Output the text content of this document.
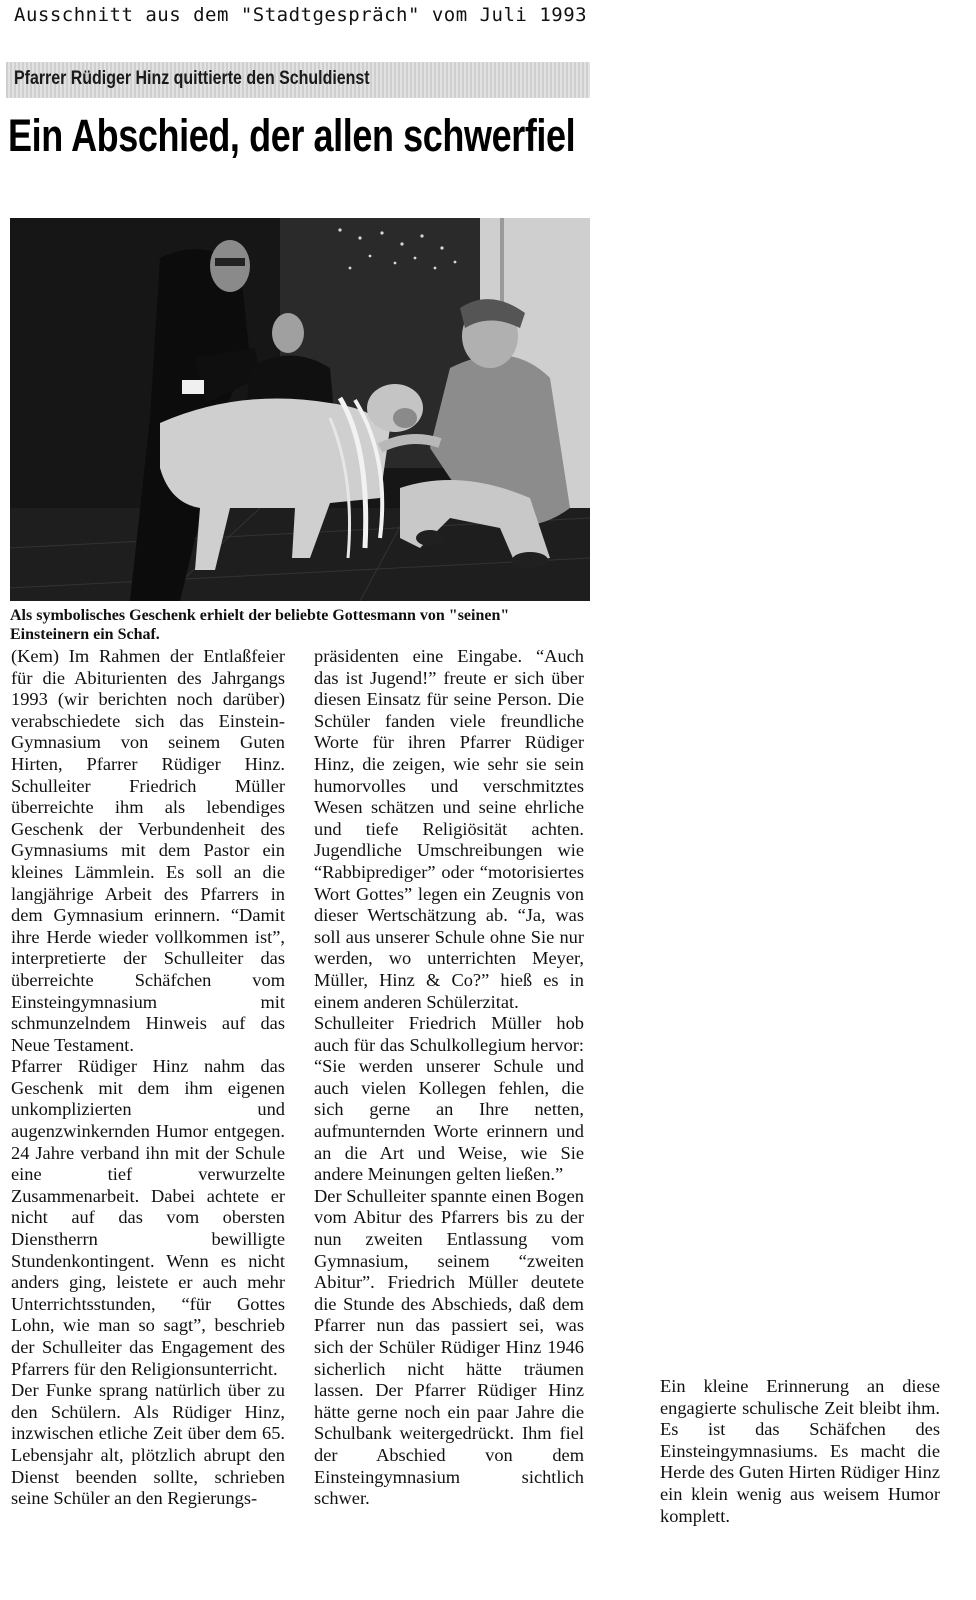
Ausschnitt aus dem "Stadtgespräch" vom Juli 1993
Pfarrer Rüdiger Hinz quittierte den Schuldienst
Ein Abschied, der allen schwerfiel
Als symbolisches Geschenk erhielt der beliebte Gottesmann von "seinen" Einsteinern ein Schaf.

(Kem) Im Rahmen der Entlaßfeier für die Abiturienten des Jahrgangs 1993 (wir berichten noch darüber) verabschiedete sich das Einstein-Gymnasium von seinem Guten Hirten, Pfarrer Rüdiger Hinz. Schulleiter Friedrich Müller überreichte ihm als lebendiges Geschenk der Verbundenheit des Gymnasiums mit dem Pastor ein kleines Lämmlein. Es soll an die langjährige Arbeit des Pfarrers in dem Gymnasium erinnern. “Damit ihre Herde wieder vollkommen ist”, interpretierte der Schulleiter das überreichte Schäfchen vom Einsteingymnasium mit schmunzelndem Hinweis auf das Neue Testament.

Pfarrer Rüdiger Hinz nahm das Geschenk mit dem ihm eigenen unkomplizierten und augenzwinkernden Humor entgegen. 24 Jahre verband ihn mit der Schule eine tief verwurzelte Zusammenarbeit. Dabei achtete er nicht auf das vom obersten Dienstherrn bewilligte Stundenkontingent. Wenn es nicht anders ging, leistete er auch mehr Unterrichtsstunden, “für Gottes Lohn, wie man so sagt”, beschrieb der Schulleiter das Engagement des Pfarrers für den Religionsunterricht.

Der Funke sprang natürlich über zu den Schülern. Als Rüdiger Hinz, inzwischen etliche Zeit über dem 65. Lebensjahr alt, plötzlich abrupt den Dienst beenden sollte, schrieben seine Schüler an den Regierungs-

präsidenten eine Eingabe. “Auch das ist Jugend!” freute er sich über diesen Einsatz für seine Person. Die Schüler fanden viele freundliche Worte für ihren Pfarrer Rüdiger Hinz, die zeigen, wie sehr sie sein humorvolles und verschmitztes Wesen schätzen und seine ehrliche und tiefe Religiösität achten. Jugendliche Umschreibungen wie “Rabbiprediger” oder “motorisiertes Wort Gottes” legen ein Zeugnis von dieser Wertschätzung ab. “Ja, was soll aus unserer Schule ohne Sie nur werden, wo unterrichten Meyer, Müller, Hinz & Co?” hieß es in einem anderen Schülerzitat.

Schulleiter Friedrich Müller hob auch für das Schulkollegium hervor: “Sie werden unserer Schule und auch vielen Kollegen fehlen, die sich gerne an Ihre netten, aufmunternden Worte erinnern und an die Art und Weise, wie Sie andere Meinungen gelten ließen.”

Der Schulleiter spannte einen Bogen vom Abitur des Pfarrers bis zu der nun zweiten Entlassung vom Gymnasium, seinem “zweiten Abitur”. Friedrich Müller deutete die Stunde des Abschieds, daß dem Pfarrer nun das passiert sei, was sich der Schüler Rüdiger Hinz 1946 sicherlich nicht hätte träumen lassen. Der Pfarrer Rüdiger Hinz hätte gerne noch ein paar Jahre die Schulbank weitergedrückt. Ihm fiel der Abschied von dem Einsteingymnasium sichtlich schwer.

Ein kleine Erinnerung an diese engagierte schulische Zeit bleibt ihm. Es ist das Schäfchen des Einsteingymnasiums. Es macht die Herde des Guten Hirten Rüdiger Hinz ein klein wenig aus weisem Humor komplett.
